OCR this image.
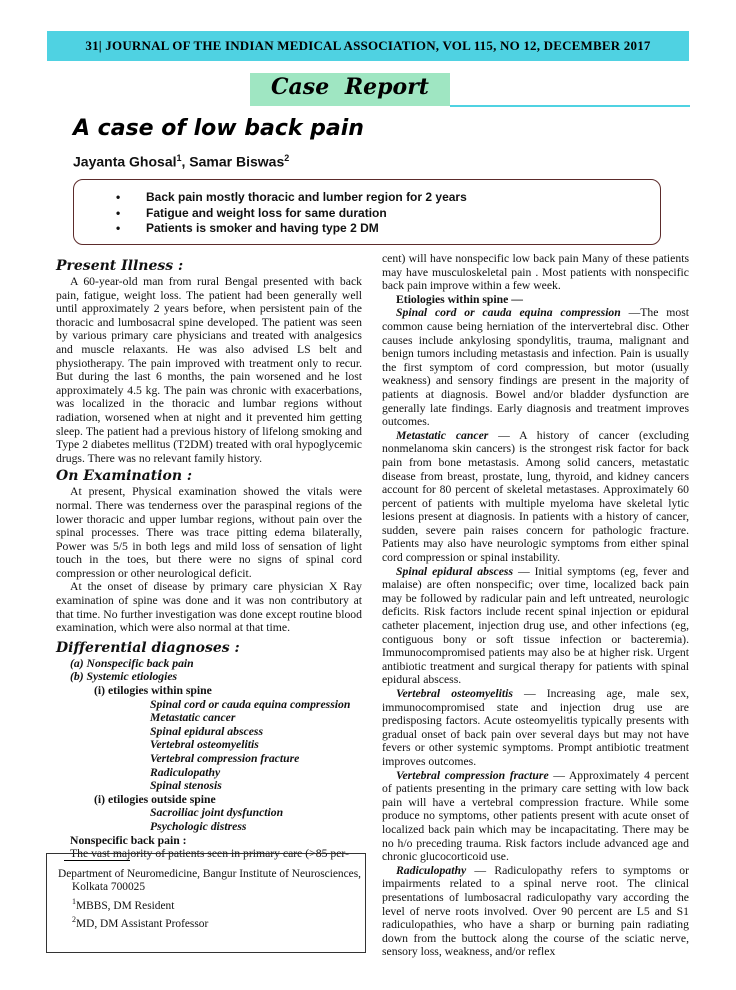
31| JOURNAL OF THE INDIAN MEDICAL ASSOCIATION, VOL 115, NO 12, DECEMBER 2017
Case Report
A case of low back pain
Jayanta Ghosal$^1$, Samar Biswas$^2$
• Back pain mostly thoracic and lumber region for 2 years
• Fatigue and weight loss for same duration
• Patients is smoker and having type 2 DM

Present Illness :

A 60-year-old man from rural Bengal presented with back pain, fatigue, weight loss. The patient had been generally well until approximately 2 years before, when persistent pain of the thoracic and lumbosacral spine developed. The patient was seen by various primary care physicians and treated with analgesics and muscle relaxants. He was also advised LS belt and physiotherapy. The pain improved with treatment only to recur. But during the last 6 months, the pain worsened and he lost approximately 4.5 kg. The pain was chronic with exacerbations, was localized in the thoracic and lumbar regions without radiation, worsened when at night and it prevented him getting sleep. The patient had a previous history of lifelong smoking and Type 2 diabetes mellitus (T2DM) treated with oral hypoglycemic drugs. There was no relevant family history.

On Examination :

At present, Physical examination showed the vitals were normal. There was tenderness over the paraspinal regions of the lower thoracic and upper lumbar regions, without pain over the spinal processes. There was trace pitting edema bilaterally, Power was 5/5 in both legs and mild loss of sensation of light touch in the toes, but there were no signs of spinal cord compression or other neurological deficit.

At the onset of disease by primary care physician X Ray examination of spine was done and it was non contributory at that time. No further investigation was done except routine blood examination, which were also normal at that time.

Differential diagnoses :

(a) Nonspecific back pain

(b) Systemic etiologies

(i) etilogies within spine

Spinal cord or cauda equina compression

Metastatic cancer

Spinal epidural abscess

Vertebral osteomyelitis

Vertebral compression fracture

Radiculopathy

Spinal stenosis

(i) etilogies outside spine

Sacroiliac joint dysfunction

Psychologic distress

Nonspecific back pain :

The vast majority of patients seen in primary care (>85 per-

Department of Neuromedicine, Bangur Institute of Neurosciences,
Kolkata 700025
$^1$MBBS, DM Resident
$^2$MD, DM Assistant Professor

cent) will have nonspecific low back pain Many of these patients may have musculoskeletal pain . Most patients with nonspecific back pain improve within a few week.

Etiologies within spine —

Spinal cord or cauda equina compression —The most common cause being herniation of the intervertebral disc. Other causes include ankylosing spondylitis, trauma, malignant and benign tumors including metastasis and infection. Pain is usually the first symptom of cord compression, but motor (usually weakness) and sensory findings are present in the majority of patients at diagnosis. Bowel and/or bladder dysfunction are generally late findings. Early diagnosis and treatment improves outcomes.

Metastatic cancer — A history of cancer (excluding nonmelanoma skin cancers) is the strongest risk factor for back pain from bone metastasis. Among solid cancers, metastatic disease from breast, prostate, lung, thyroid, and kidney cancers account for 80 percent of skeletal metastases. Approximately 60 percent of patients with multiple myeloma have skeletal lytic lesions present at diagnosis. In patients with a history of cancer, sudden, severe pain raises concern for pathologic fracture. Patients may also have neurologic symptoms from either spinal cord compression or spinal instability.

Spinal epidural abscess — Initial symptoms (eg, fever and malaise) are often nonspecific; over time, localized back pain may be followed by radicular pain and left untreated, neurologic deficits. Risk factors include recent spinal injection or epidural catheter placement, injection drug use, and other infections (eg, contiguous bony or soft tissue infection or bacteremia). Immunocompromised patients may also be at higher risk. Urgent antibiotic treatment and surgical therapy for patients with spinal epidural abscess.

Vertebral osteomyelitis — Increasing age, male sex, immunocompromised state and injection drug use are predisposing factors. Acute osteomyelitis typically presents with gradual onset of back pain over several days but may not have fevers or other systemic symptoms. Prompt antibiotic treatment improves outcomes.

Vertebral compression fracture — Approximately 4 percent of patients presenting in the primary care setting with low back pain will have a vertebral compression fracture. While some produce no symptoms, other patients present with acute onset of localized back pain which may be incapacitating. There may be no h/o preceding trauma. Risk factors include advanced age and chronic glucocorticoid use.

Radiculopathy — Radiculopathy refers to symptoms or impairments related to a spinal nerve root. The clinical presentations of lumbosacral radiculopathy vary according the level of nerve roots involved. Over 90 percent are L5 and S1 radiculopathies, who have a sharp or burning pain radiating down from the buttock along the course of the sciatic nerve, sensory loss, weakness, and/or reflex
